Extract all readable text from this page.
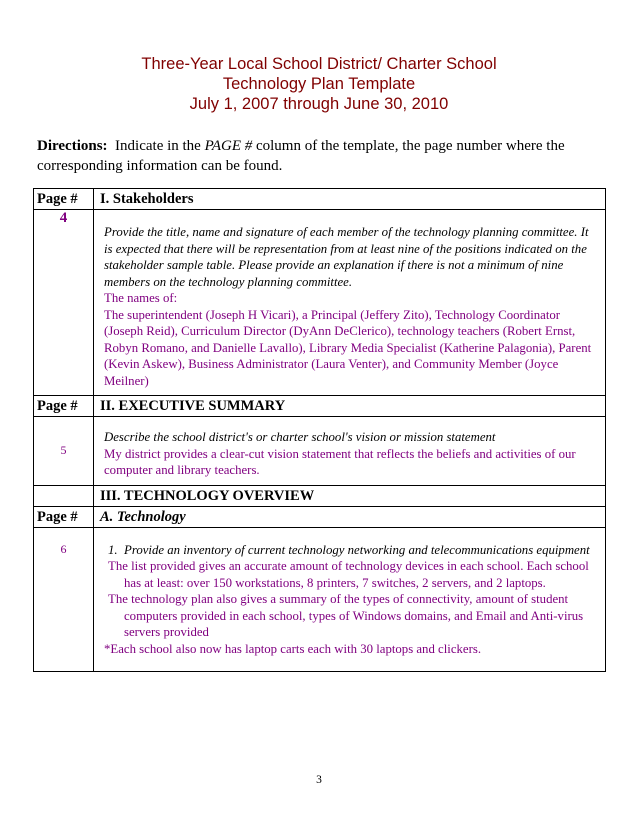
Three-Year Local School District/ Charter School
Technology Plan Template
July 1, 2007 through June 30, 2010
Directions: Indicate in the PAGE # column of the template, the page number where the corresponding information can be found.
Page #	I. Stakeholders
4	Provide the title, name and signature of each member of the technology planning committee. It is expected that there will be representation from at least nine of the positions indicated on the stakeholder sample table. Please provide an explanation if there is not a minimum of nine members on the technology planning committee.
The names of:
The superintendent (Joseph H Vicari), a Principal (Jeffery Zito), Technology Coordinator (Joseph Reid), Curriculum Director (DyAnn DeClerico), technology teachers (Robert Ernst, Robyn Romano, and Danielle Lavallo), Library Media Specialist (Katherine Palagonia), Parent (Kevin Askew), Business Administrator (Laura Venter), and Community Member (Joyce Meilner)

Page #	II. EXECUTIVE SUMMARY
5	Describe the school district's or charter school's vision or mission statement
My district provides a clear-cut vision statement that reflects the beliefs and activities of our computer and library teachers.

	III. TECHNOLOGY OVERVIEW
Page #	A. Technology
6	1. Provide an inventory of current technology networking and telecommunications equipment
The list provided gives an accurate amount of technology devices in each school. Each school has at least: over 150 workstations, 8 printers, 7 switches, 2 servers, and 2 laptops.
The technology plan also gives a summary of the types of connectivity, amount of student computers provided in each school, types of Windows domains, and Email and Anti-virus servers provided
*Each school also now has laptop carts each with 30 laptops and clickers.
3
